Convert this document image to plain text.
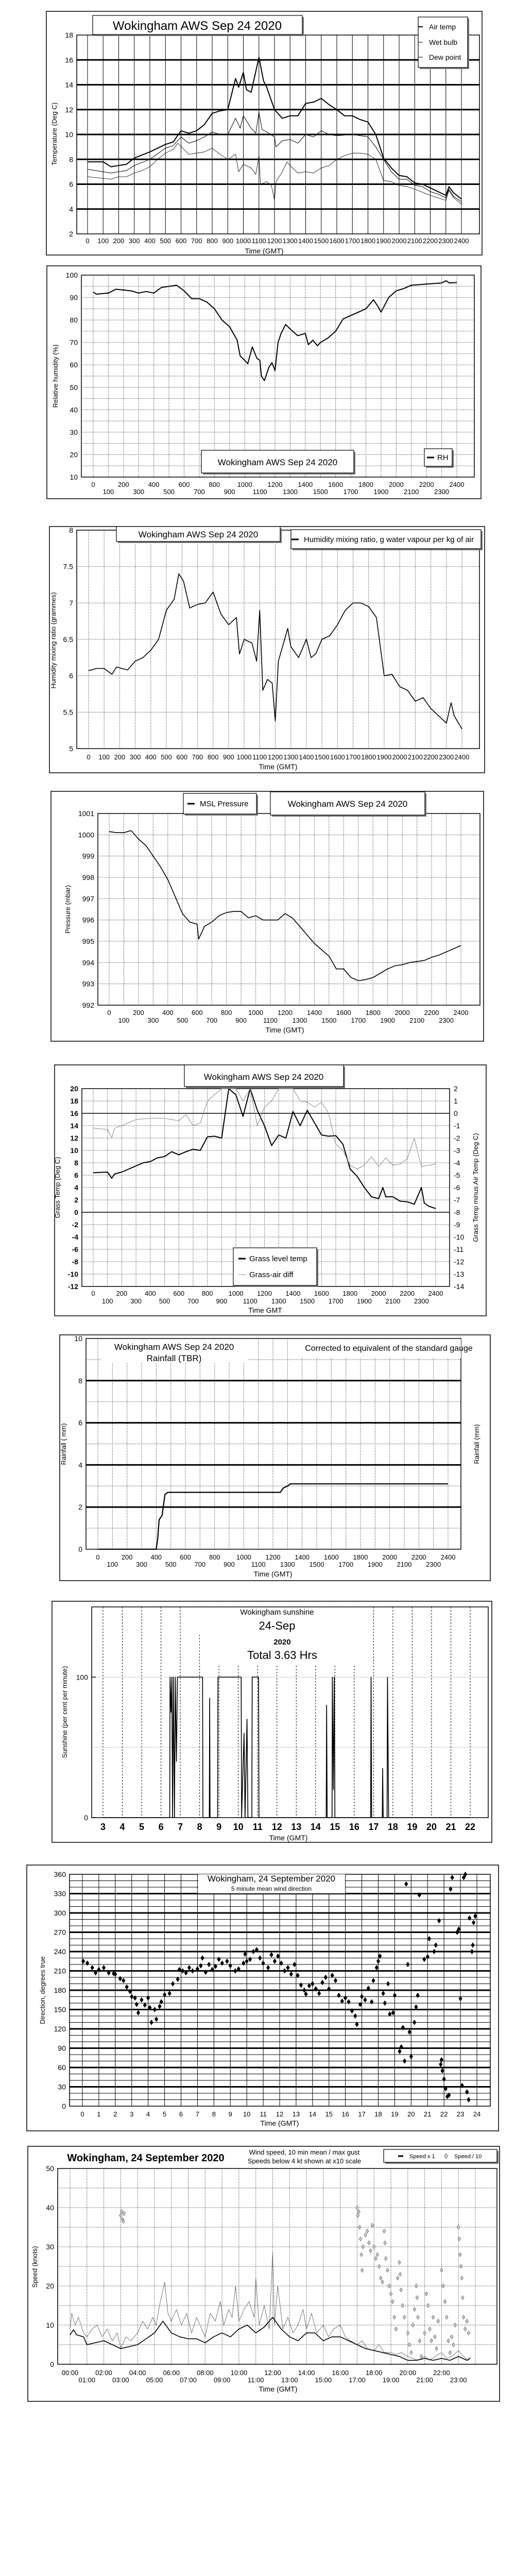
2
4
6
8
10
12
14
16
18
0 100 200 300 400 500 600 700 800 900 1000 1100 1200 1300 1400 1500 1600 1700 1800 1900 2000 2100 2200 2300 2400
Time (GMT)
Temperature (Deg C)
Wokingham AWS Sep 24 2020	Air temp
Wet bulb
Dew point
10
20
30
40
50
60
70
80
90
100
0	200	400	600	800	1000 1200 1400 1600 1800 2000 2200 2400
100	300	500	700	900	1100 1300 1500 1700 1900 2100 2300
Relative humidity (%)
Wokingham AWS Sep 24 2020	RH
5
5.5
6
6.5
7
7.5
8
0 100 200 300 400 500 600 700 800 900 1000 1100 1200 1300 1400 1500 1600 1700 1800 1900 2000 2100 2200 2300 2400
Time (GMT)
Humidity mixing ratio (grammes)
Wokingham AWS Sep 24 2020
Humidity mixing ratio, g water vapour per kg of air
992
993
994
995
996
997
998
999
1000
1001
0	200	400	600	800 1000 1200 1400 1600 1800 2000 2200 2400
100	300	500	700	900 1100 1300 1500 1700 1900 2100 2300
Time (GMT)
Pressure (mbar)
MSL Pressure	Wokingham AWS Sep 24 2020
-12
-10
-8
-6
-4
-2
0
2
4
6
8
10
12
14
16
18
20
-14
-13
-12
-11
-10
-9
-8
-7
-6
-5
-4
-3
-2
-1
0
1
2
0	200	400	600	800 1000 1200 1400 1600 1800 2000 2200 2400
100	300	500	700	900 1100 1300 1500 1700 1900 2100 2300
Time GMT
Grass Temp (Deg C)	Grass Temp minus Air Temp (Deg C)
Wokingham AWS Sep 24 2020
Grass level temp
Grass-air diff
0
2
4
6
8
10
0	200	400	600	800 1000 1200 1400 1600 1800 2000 2200 2400
100	300	500	700	900 1100 1300 1500 1700 1900 2100 2300
Time (GMT)
Rainfall ( mm)	Rainfall (mm)
Wokingham AWS Sep 24 2020
Rainfall (TBR)
Corrected to equivalent of the standard gauge
0
100
3 4 5 6 7 8 9 10 11 12 13 14 15 16 17 18 19 20 21 22
Time (GMT)
Sunshine (per cent per minute)
Wokingham sunshine
24-Sep
2020
Total 3.63 Hrs
0
30
60
90
120
150
180
210
240
270
300
330
360
0 1 2 3 4 5 6 7 8 9 10 11 12 13 14 15 16 17 18 19 20 21 22 23 24
Time (GMT)
Direction, degrees true
Wokingham, 24 September 2020
5 minute mean wind direction
0
10
20
30
40
50
00:00	02:00	04:00	06:00	08:00	10:00	12:00	14:00	16:00	18:00	20:00	22:00
01:00	03:00	05:00	07:00	09:00	11:00	13:00	15:00	17:00	19:00	21:00	23:00
Time (GMT)
Speed (knots)
Speed x 1	Speed / 10
Wokingham, 24 September 2020
Wind speed, 10 min mean / max gust
Speeds below 4 kt shown at x10 scale
